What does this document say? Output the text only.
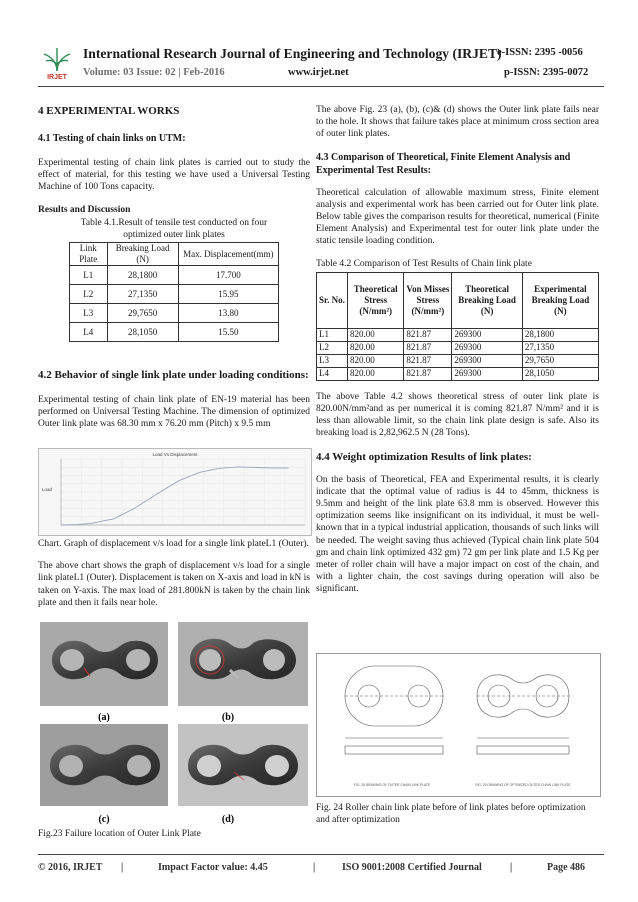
IRJET
International Research Journal of Engineering and Technology (IRJET)
e-ISSN: 2395 -0056
Volume: 03 Issue: 02 | Feb-2016	www.irjet.net	p-ISSN: 2395-0072
4 EXPERIMENTAL WORKS
4.1 Testing of chain links on UTM:

Experimental testing of chain link plates is carried out to study the effect of material, for this testing we have used a Universal Testing Machine of 100 Tons capacity.

Results and Discussion

Table 4.1.Result of tensile test conducted on four optimized outer link plates

Link Plate	Breaking Load (N)	Max. Displacement(mm)
L1	28,1800	17.700
L2	27,1350	15.95
L3	29,7650	13.80
L4	28,1050	15.50
4.2 Behavior of single link plate under loading conditions:

Experimental testing of chain link plate of EN-19 material has been performed on Universal Testing Machine. The dimension of optimized Outer link plate was 68.30 mm x 76.20 mm (Pitch) x 9.5 mm

Load Vs Displacement
Load

Chart. Graph of displacement v/s load for a single link plateL1 (Outer).

The above chart shows the graph of displacement v/s load for a single link plateL1 (Outer). Displacement is taken on X-axis and load in kN is taken on Y-axis. The max load of 281.800kN is taken by the chain link plate and then it fails near hole.

(a)	(b)
(c)	(d)
Fig.23 Failure location of Outer Link Plate

The above Fig. 23 (a), (b), (c)& (d) shows the Outer link plate fails near to the hole. It shows that failure takes place at minimum cross section area of outer link plates.

4.3 Comparison of Theoretical, Finite Element Analysis and Experimental Test Results:

Theoretical calculation of allowable maximum stress, Finite element analysis and experimental work has been carried out for Outer link plate. Below table gives the comparison results for theoretical, numerical (Finite Element Analysis) and Experimental test for outer link plate under the static tensile loading condition.

Table 4.2 Comparison of Test Results of Chain link plate

Sr. No.	Theoretical Stress (N/mm²)	Von Misses Stress (N/mm²)	Theoretical Breaking Load (N)	Experimental Breaking Load (N)
L1	820.00	821.87	269300	28,1800
L2	820.00	821.87	269300	27,1350
L3	820.00	821.87	269300	29,7650
L4	820.00	821.87	269300	28,1050

The above Table 4.2 shows theoretical stress of outer link plate is 820.00N/mm²and as per numerical it is coming 821.87 N/mm² and it is less than allowable limit, so the chain link plate design is safe. Also its breaking load is 2,82,962.5 N (28 Tons).

4.4 Weight optimization Results of link plates:

On the basis of Theoretical, FEA and Experimental results, it is clearly indicate that the optimal value of radius is 44 to 45mm, thickness is 9.5mm and height of the link plate 63.8 mm is observed. However this optimization seems like insignificant on its individual, it must be well-known that in a typical industrial application, thousands of such links will be needed. The weight saving thus achieved (Typical chain link plate 504 gm and chain link optimized 432 gm) 72 gm per link plate and 1.5 Kg per meter of roller chain will have a major impact on cost of the chain, and with a lighter chain, the cost savings during operation will also be significant.

FIG. 28 DRAWING OF OUTER CHAIN LINK PLATE	FIG. 29 DRAWING OF OPTIMIZED OUTER CHAIN LINK PLATE

Fig. 24 Roller chain link plate before of link plates before optimization and after optimization

© 2016, IRJET |	Impact Factor value: 4.45	|	ISO 9001:2008 Certified Journal	|	Page 486
